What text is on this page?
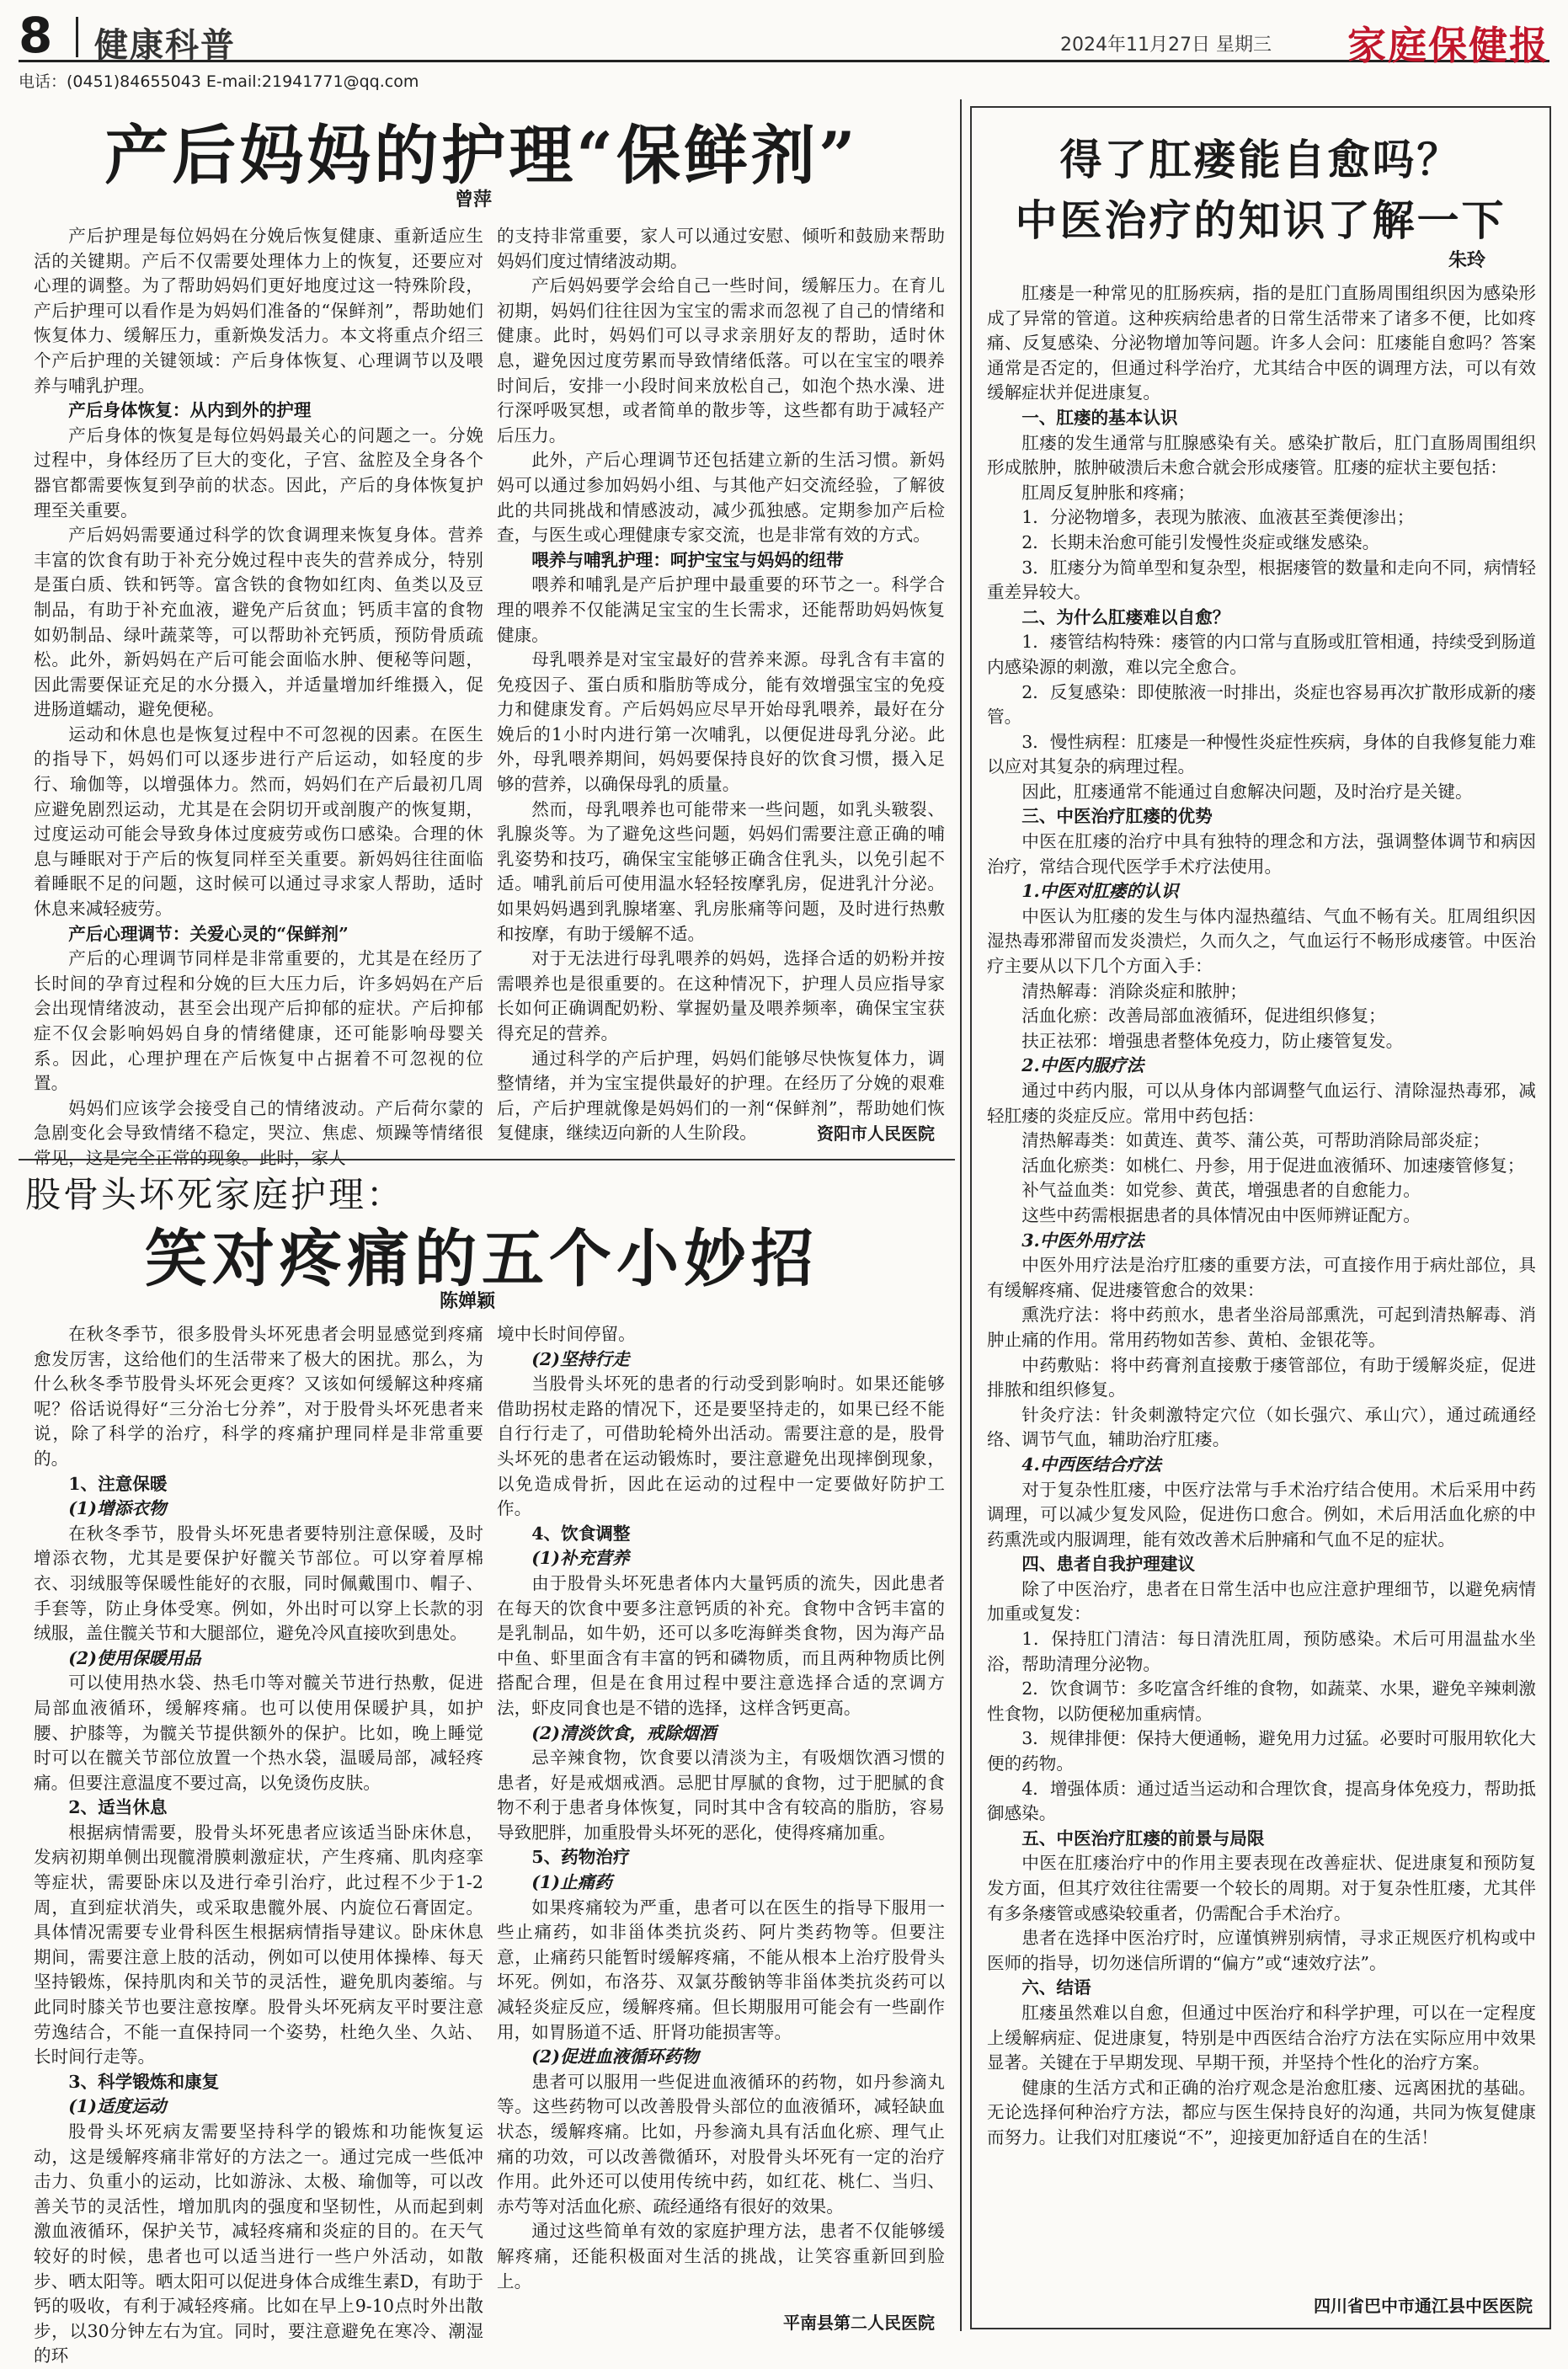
8 健康科普	2024年11月27日 星期三 家庭保健报
电话：(0451)84655043 E-mail:21941771@qq.com
产后妈妈的护理“保鲜剂”
曾萍

产后护理是每位妈妈在分娩后恢复健康、重新适应生活的关键期。产后不仅需要处理体力上的恢复，还要应对心理的调整。为了帮助妈妈们更好地度过这一特殊阶段，产后护理可以看作是为妈妈们准备的“保鲜剂”，帮助她们恢复体力、缓解压力，重新焕发活力。本文将重点介绍三个产后护理的关键领域：产后身体恢复、心理调节以及喂养与哺乳护理。

产后身体恢复：从内到外的护理

产后身体的恢复是每位妈妈最关心的问题之一。分娩过程中，身体经历了巨大的变化，子宫、盆腔及全身各个器官都需要恢复到孕前的状态。因此，产后的身体恢复护理至关重要。

产后妈妈需要通过科学的饮食调理来恢复身体。营养丰富的饮食有助于补充分娩过程中丧失的营养成分，特别是蛋白质、铁和钙等。富含铁的食物如红肉、鱼类以及豆制品，有助于补充血液，避免产后贫血；钙质丰富的食物如奶制品、绿叶蔬菜等，可以帮助补充钙质，预防骨质疏松。此外，新妈妈在产后可能会面临水肿、便秘等问题，因此需要保证充足的水分摄入，并适量增加纤维摄入，促进肠道蠕动，避免便秘。

运动和休息也是恢复过程中不可忽视的因素。在医生的指导下，妈妈们可以逐步进行产后运动，如轻度的步行、瑜伽等，以增强体力。然而，妈妈们在产后最初几周应避免剧烈运动，尤其是在会阴切开或剖腹产的恢复期，过度运动可能会导致身体过度疲劳或伤口感染。合理的休息与睡眠对于产后的恢复同样至关重要。新妈妈往往面临着睡眠不足的问题，这时候可以通过寻求家人帮助，适时休息来减轻疲劳。

产后心理调节：关爱心灵的“保鲜剂”

产后的心理调节同样是非常重要的，尤其是在经历了长时间的孕育过程和分娩的巨大压力后，许多妈妈在产后会出现情绪波动，甚至会出现产后抑郁的症状。产后抑郁症不仅会影响妈妈自身的情绪健康，还可能影响母婴关系。因此，心理护理在产后恢复中占据着不可忽视的位置。

妈妈们应该学会接受自己的情绪波动。产后荷尔蒙的急剧变化会导致情绪不稳定，哭泣、焦虑、烦躁等情绪很常见，这是完全正常的现象。此时，家人

的支持非常重要，家人可以通过安慰、倾听和鼓励来帮助妈妈们度过情绪波动期。

产后妈妈要学会给自己一些时间，缓解压力。在育儿初期，妈妈们往往因为宝宝的需求而忽视了自己的情绪和健康。此时，妈妈们可以寻求亲朋好友的帮助，适时休息，避免因过度劳累而导致情绪低落。可以在宝宝的喂养时间后，安排一小段时间来放松自己，如泡个热水澡、进行深呼吸冥想，或者简单的散步等，这些都有助于减轻产后压力。

此外，产后心理调节还包括建立新的生活习惯。新妈妈可以通过参加妈妈小组、与其他产妇交流经验，了解彼此的共同挑战和情感波动，减少孤独感。定期参加产后检查，与医生或心理健康专家交流，也是非常有效的方式。

喂养与哺乳护理：呵护宝宝与妈妈的纽带

喂养和哺乳是产后护理中最重要的环节之一。科学合理的喂养不仅能满足宝宝的生长需求，还能帮助妈妈恢复健康。

母乳喂养是对宝宝最好的营养来源。母乳含有丰富的免疫因子、蛋白质和脂肪等成分，能有效增强宝宝的免疫力和健康发育。产后妈妈应尽早开始母乳喂养，最好在分娩后的1小时内进行第一次哺乳，以便促进母乳分泌。此外，母乳喂养期间，妈妈要保持良好的饮食习惯，摄入足够的营养，以确保母乳的质量。

然而，母乳喂养也可能带来一些问题，如乳头皲裂、乳腺炎等。为了避免这些问题，妈妈们需要注意正确的哺乳姿势和技巧，确保宝宝能够正确含住乳头，以免引起不适。哺乳前后可使用温水轻轻按摩乳房，促进乳汁分泌。如果妈妈遇到乳腺堵塞、乳房胀痛等问题，及时进行热敷和按摩，有助于缓解不适。

对于无法进行母乳喂养的妈妈，选择合适的奶粉并按需喂养也是很重要的。在这种情况下，护理人员应指导家长如何正确调配奶粉、掌握奶量及喂养频率，确保宝宝获得充足的营养。

通过科学的产后护理，妈妈们能够尽快恢复体力，调整情绪，并为宝宝提供最好的护理。在经历了分娩的艰难后，产后护理就像是妈妈们的一剂“保鲜剂”，帮助她们恢复健康，继续迈向新的人生阶段。	资阳市人民医院
股骨头坏死家庭护理：
笑对疼痛的五个小妙招
陈婵颖

在秋冬季节，很多股骨头坏死患者会明显感觉到疼痛愈发厉害，这给他们的生活带来了极大的困扰。那么，为什么秋冬季节股骨头坏死会更疼？又该如何缓解这种疼痛呢？俗话说得好“三分治七分养”，对于股骨头坏死患者来说，除了科学的治疗，科学的疼痛护理同样是非常重要的。

1、注意保暖

(1)增添衣物

在秋冬季节，股骨头坏死患者要特别注意保暖，及时增添衣物，尤其是要保护好髋关节部位。可以穿着厚棉衣、羽绒服等保暖性能好的衣服，同时佩戴围巾、帽子、手套等，防止身体受寒。例如，外出时可以穿上长款的羽绒服，盖住髋关节和大腿部位，避免冷风直接吹到患处。

(2)使用保暖用品

可以使用热水袋、热毛巾等对髋关节进行热敷，促进局部血液循环，缓解疼痛。也可以使用保暖护具，如护腰、护膝等，为髋关节提供额外的保护。比如，晚上睡觉时可以在髋关节部位放置一个热水袋，温暖局部，减轻疼痛。但要注意温度不要过高，以免烫伤皮肤。

2、适当休息

根据病情需要，股骨头坏死患者应该适当卧床休息，发病初期单侧出现髋滑膜刺激症状，产生疼痛、肌肉痉挛等症状，需要卧床以及进行牵引治疗，此过程不少于1-2周，直到症状消失，或采取患髋外展、内旋位石膏固定。具体情况需要专业骨科医生根据病情指导建议。卧床休息期间，需要注意上肢的活动，例如可以使用体操棒、每天坚持锻炼，保持肌肉和关节的灵活性，避免肌肉萎缩。与此同时膝关节也要注意按摩。股骨头坏死病友平时要注意劳逸结合，不能一直保持同一个姿势，杜绝久坐、久站、长时间行走等。

3、科学锻炼和康复

(1)适度运动

股骨头坏死病友需要坚持科学的锻炼和功能恢复运动，这是缓解疼痛非常好的方法之一。通过完成一些低冲击力、负重小的运动，比如游泳、太极、瑜伽等，可以改善关节的灵活性，增加肌肉的强度和坚韧性，从而起到刺激血液循环，保护关节，减轻疼痛和炎症的目的。在天气较好的时候，患者也可以适当进行一些户外活动，如散步、晒太阳等。晒太阳可以促进身体合成维生素D，有助于钙的吸收，有利于减轻疼痛。比如在早上9-10点时外出散步，以30分钟左右为宜。同时，要注意避免在寒冷、潮湿的环

境中长时间停留。

(2)坚持行走

当股骨头坏死的患者的行动受到影响时。如果还能够借助拐杖走路的情况下，还是要坚持走的，如果已经不能自行行走了，可借助轮椅外出活动。需要注意的是，股骨头坏死的患者在运动锻炼时，要注意避免出现摔倒现象，以免造成骨折，因此在运动的过程中一定要做好防护工作。

4、饮食调整

(1)补充营养

由于股骨头坏死患者体内大量钙质的流失，因此患者在每天的饮食中要多注意钙质的补充。食物中含钙丰富的是乳制品，如牛奶，还可以多吃海鲜类食物，因为海产品中鱼、虾里面含有丰富的钙和磷物质，而且两种物质比例搭配合理，但是在食用过程中要注意选择合适的烹调方法，虾皮同食也是不错的选择，这样含钙更高。

(2)清淡饮食，戒除烟酒

忌辛辣食物，饮食要以清淡为主，有吸烟饮酒习惯的患者，好是戒烟戒酒。忌肥甘厚腻的食物，过于肥腻的食物不利于患者身体恢复，同时其中含有较高的脂肪，容易导致肥胖，加重股骨头坏死的恶化，使得疼痛加重。

5、药物治疗

(1)止痛药

如果疼痛较为严重，患者可以在医生的指导下服用一些止痛药，如非甾体类抗炎药、阿片类药物等。但要注意，止痛药只能暂时缓解疼痛，不能从根本上治疗股骨头坏死。例如，布洛芬、双氯芬酸钠等非甾体类抗炎药可以减轻炎症反应，缓解疼痛。但长期服用可能会有一些副作用，如胃肠道不适、肝肾功能损害等。

(2)促进血液循环药物

患者可以服用一些促进血液循环的药物，如丹参滴丸等。这些药物可以改善股骨头部位的血液循环，减轻缺血状态，缓解疼痛。比如，丹参滴丸具有活血化瘀、理气止痛的功效，可以改善微循环，对股骨头坏死有一定的治疗作用。此外还可以使用传统中药，如红花、桃仁、当归、赤芍等对活血化瘀、疏经通络有很好的效果。

通过这些简单有效的家庭护理方法，患者不仅能够缓解疼痛，还能积极面对生活的挑战，让笑容重新回到脸上。

平南县第二人民医院
得了肛瘘能自愈吗？
中医治疗的知识了解一下
朱玲

肛瘘是一种常见的肛肠疾病，指的是肛门直肠周围组织因为感染形成了异常的管道。这种疾病给患者的日常生活带来了诸多不便，比如疼痛、反复感染、分泌物增加等问题。许多人会问：肛瘘能自愈吗？答案通常是否定的，但通过科学治疗，尤其结合中医的调理方法，可以有效缓解症状并促进康复。

一、肛瘘的基本认识

肛瘘的发生通常与肛腺感染有关。感染扩散后，肛门直肠周围组织形成脓肿，脓肿破溃后未愈合就会形成瘘管。肛瘘的症状主要包括：

肛周反复肿胀和疼痛；

1．分泌物增多，表现为脓液、血液甚至粪便渗出；

2．长期未治愈可能引发慢性炎症或继发感染。

3．肛瘘分为简单型和复杂型，根据瘘管的数量和走向不同，病情轻重差异较大。

二、为什么肛瘘难以自愈？

1．瘘管结构特殊：瘘管的内口常与直肠或肛管相通，持续受到肠道内感染源的刺激，难以完全愈合。

2．反复感染：即使脓液一时排出，炎症也容易再次扩散形成新的瘘管。

3．慢性病程：肛瘘是一种慢性炎症性疾病，身体的自我修复能力难以应对其复杂的病理过程。

因此，肛瘘通常不能通过自愈解决问题，及时治疗是关键。

三、中医治疗肛瘘的优势

中医在肛瘘的治疗中具有独特的理念和方法，强调整体调节和病因治疗，常结合现代医学手术疗法使用。

1.中医对肛瘘的认识

中医认为肛瘘的发生与体内湿热蕴结、气血不畅有关。肛周组织因湿热毒邪滞留而发炎溃烂，久而久之，气血运行不畅形成瘘管。中医治疗主要从以下几个方面入手：

清热解毒：消除炎症和脓肿；

活血化瘀：改善局部血液循环，促进组织修复；

扶正祛邪：增强患者整体免疫力，防止瘘管复发。

2.中医内服疗法

通过中药内服，可以从身体内部调整气血运行、清除湿热毒邪，减轻肛瘘的炎症反应。常用中药包括：

清热解毒类：如黄连、黄芩、蒲公英，可帮助消除局部炎症；

活血化瘀类：如桃仁、丹参，用于促进血液循环、加速瘘管修复；

补气益血类：如党参、黄芪，增强患者的自愈能力。

这些中药需根据患者的具体情况由中医师辨证配方。

3.中医外用疗法

中医外用疗法是治疗肛瘘的重要方法，可直接作用于病灶部位，具有缓解疼痛、促进瘘管愈合的效果：

熏洗疗法：将中药煎水，患者坐浴局部熏洗，可起到清热解毒、消肿止痛的作用。常用药物如苦参、黄柏、金银花等。

中药敷贴：将中药膏剂直接敷于瘘管部位，有助于缓解炎症，促进排脓和组织修复。

针灸疗法：针灸刺激特定穴位（如长强穴、承山穴），通过疏通经络、调节气血，辅助治疗肛瘘。

4.中西医结合疗法

对于复杂性肛瘘，中医疗法常与手术治疗结合使用。术后采用中药调理，可以减少复发风险，促进伤口愈合。例如，术后用活血化瘀的中药熏洗或内服调理，能有效改善术后肿痛和气血不足的症状。

四、患者自我护理建议

除了中医治疗，患者在日常生活中也应注意护理细节，以避免病情加重或复发：

1．保持肛门清洁：每日清洗肛周，预防感染。术后可用温盐水坐浴，帮助清理分泌物。

2．饮食调节：多吃富含纤维的食物，如蔬菜、水果，避免辛辣刺激性食物，以防便秘加重病情。

3．规律排便：保持大便通畅，避免用力过猛。必要时可服用软化大便的药物。

4．增强体质：通过适当运动和合理饮食，提高身体免疫力，帮助抵御感染。

五、中医治疗肛瘘的前景与局限

中医在肛瘘治疗中的作用主要表现在改善症状、促进康复和预防复发方面，但其疗效往往需要一个较长的周期。对于复杂性肛瘘，尤其伴有多条瘘管或感染较重者，仍需配合手术治疗。

患者在选择中医治疗时，应谨慎辨别病情，寻求正规医疗机构或中医师的指导，切勿迷信所谓的“偏方”或“速效疗法”。

六、结语

肛瘘虽然难以自愈，但通过中医治疗和科学护理，可以在一定程度上缓解病症、促进康复，特别是中西医结合治疗方法在实际应用中效果显著。关键在于早期发现、早期干预，并坚持个性化的治疗方案。

健康的生活方式和正确的治疗观念是治愈肛瘘、远离困扰的基础。无论选择何种治疗方法，都应与医生保持良好的沟通，共同为恢复健康而努力。让我们对肛瘘说“不”，迎接更加舒适自在的生活！

四川省巴中市通江县中医医院
